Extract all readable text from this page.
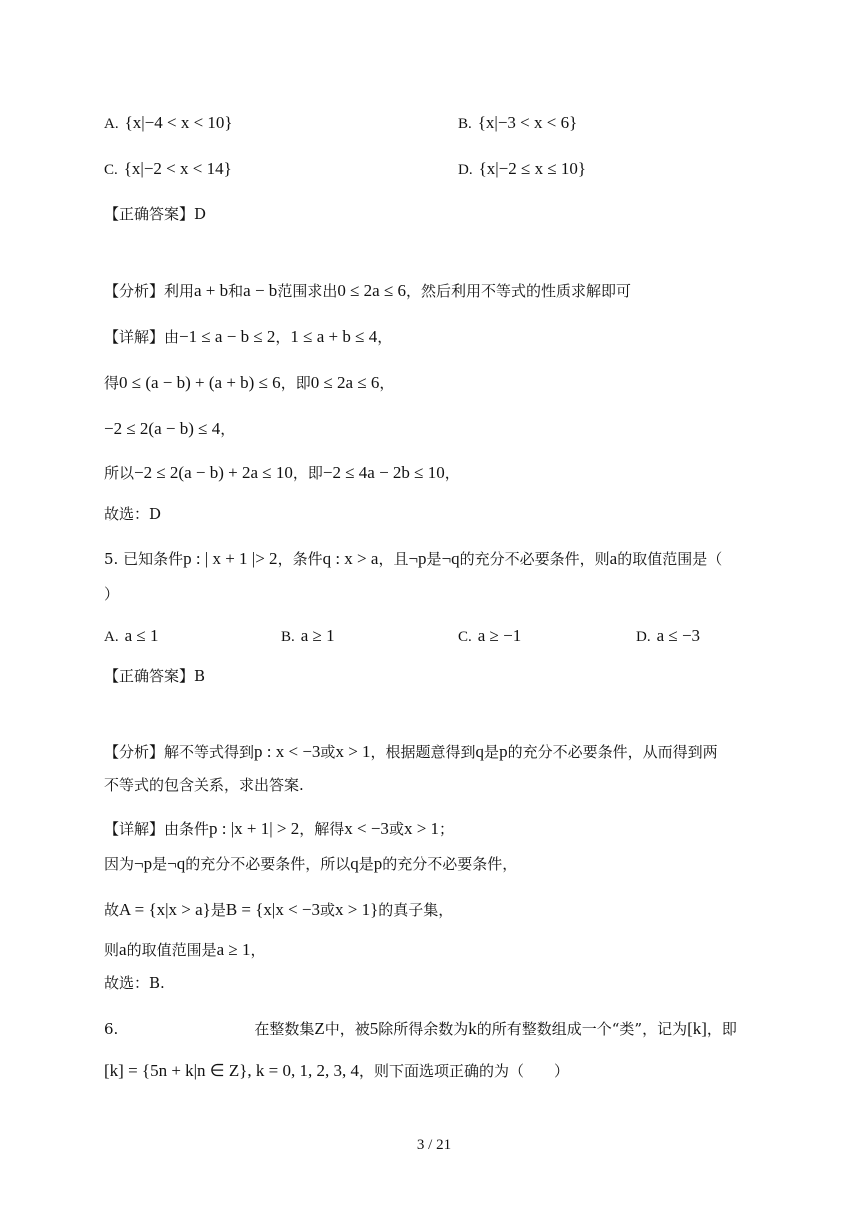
A. {x|−4 < x < 10}	B. {x|−3 < x < 6}
C. {x|−2 < x < 14}	D. {x|−2 ≤ x ≤ 10}
【正确答案】D
【分析】利用a + b和a − b范围求出0 ≤ 2a ≤ 6，然后利用不等式的性质求解即可
【详解】由−1 ≤ a − b ≤ 2，1 ≤ a + b ≤ 4，
得0 ≤ (a − b) + (a + b) ≤ 6，即0 ≤ 2a ≤ 6，
−2 ≤ 2(a − b) ≤ 4，
所以−2 ≤ 2(a − b) + 2a ≤ 10，即−2 ≤ 4a − 2b ≤ 10，
故选：D
5. 已知条件p : | x + 1 |> 2，条件q : x > a，且¬p是¬q的充分不必要条件，则a的取值范围是（
）
A. a ≤ 1	B. a ≥ 1	C. a ≥ −1	D. a ≤ −3
【正确答案】B
【分析】解不等式得到p : x < −3或x > 1，根据题意得到q是p的充分不必要条件，从而得到两
不等式的包含关系，求出答案.
【详解】由条件p : |x + 1| > 2，解得x < −3或x > 1；
因为¬p是¬q的充分不必要条件，所以q是p的充分不必要条件，
故A = {x|x > a}是B = {x|x < −3或x > 1}的真子集，
则a的取值范围是a ≥ 1，
故选：B.
6.	在整数集Z中，被5除所得余数为k的所有整数组成一个“类”，记为[k]，即
[k] = {5n + k|n ∈ Z}, k = 0, 1, 2, 3, 4，则下面选项正确的为（　　）
3 / 21
